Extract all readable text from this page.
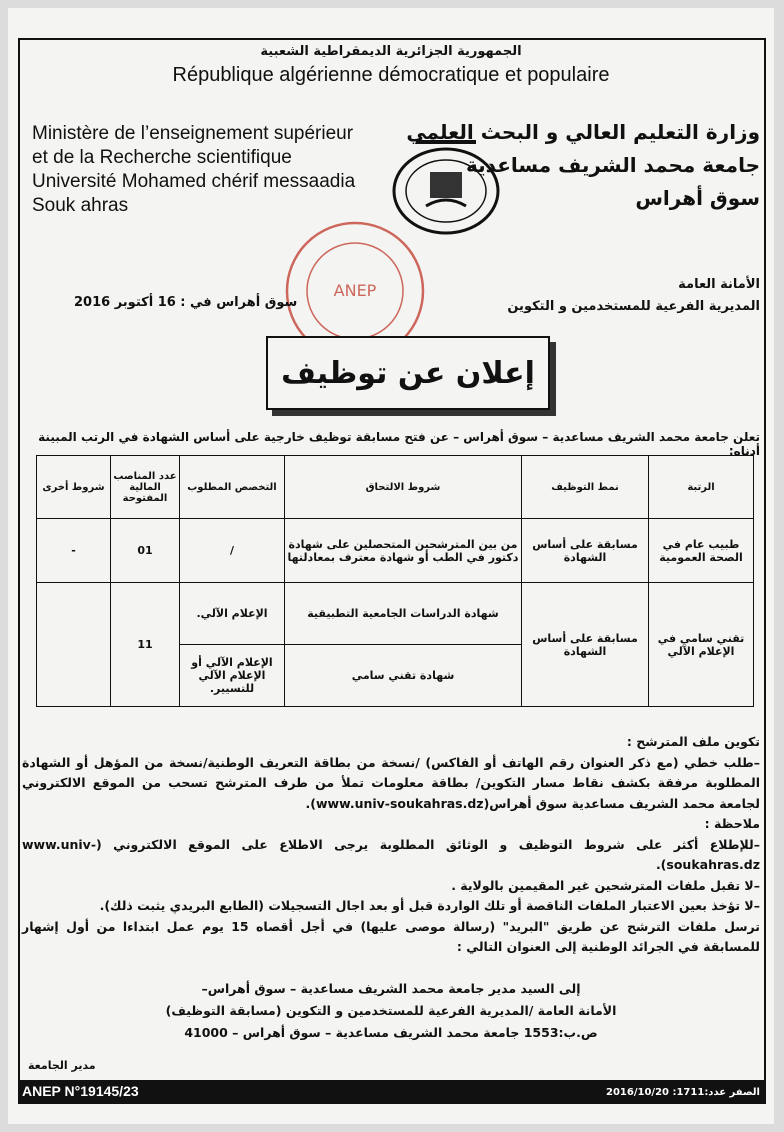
الجمهورية الجزائرية الديمقراطية الشعبية
République algérienne démocratique et populaire
Ministère de l’enseignement supérieur
et de la Recherche scientifique
Université Mohamed chérif messaadia
Souk ahras
وزارة التعليم العالي و البحث العلمي
جامعة محمد الشريف مساعدية
سوق أهراس
ANEP	الأمانة العامة
المديرية الفرعية للمستخدمين و التكوين
سوق أهراس في : 16 أكتوبر 2016
إعلان عن توظيف
تعلن جامعة محمد الشريف مساعدية – سوق أهراس – عن فتح مسابقة توظيف خارجية على أساس الشهادة في الرتب المبينة أدناه:
الرتبة	نمط التوظيف	شروط الالتحاق	التخصص المطلوب	عدد المناصب المالية المفتوحة	شروط أخرى
طبيب عام في الصحة العمومية	مسابقة على أساس الشهادة	من بين المترشحين المتحصلين على شهادة دكتور في الطب أو شهادة معترف بمعادلتها	/	01	-
تقني سامي في الإعلام الآلي	مسابقة على أساس الشهادة	شهادة الدراسات الجامعية التطبيقية	الإعلام الآلي.	11	
		شهادة تقني سامي	الإعلام الآلي أو الإعلام الآلي للتسيير.		

تكوين ملف المترشح :

–طلب خطي (مع ذكر العنوان رقم الهاتف أو الفاكس) /نسخة من بطاقة التعريف الوطنية/نسخة من المؤهل أو الشهادة المطلوبة مرفقة بكشف نقاط مسار التكوين/ بطاقة معلومات تملأ من طرف المترشح تسحب من الموقع الالكتروني لجامعة محمد الشريف مساعدية سوق أهراس(www.univ-soukahras.dz).

ملاحظة :

–للإطلاع أكثر على شروط التوظيف و الوثائق المطلوبة يرجى الاطلاع على الموقع الالكتروني (www.univ-soukahras.dz).

–لا تقبل ملفات المترشحين غير المقيمين بالولاية .

–لا تؤخذ بعين الاعتبار الملفات الناقصة أو تلك الواردة قبل أو بعد اجال التسجيلات (الطابع البريدي يثبت ذلك).

ترسل ملفات الترشح عن طريق "البريد" (رسالة موصى عليها) في أجل أقصاه 15 يوم عمل ابتداءا من أول إشهار للمسابقة في الجرائد الوطنية إلى العنوان التالي :

إلى السيد مدير جامعة محمد الشريف مساعدية – سوق أهراس–
الأمانة العامة /المديرية الفرعية للمستخدمين و التكوين (مسابقة التوظيف)
ص.ب:1553 جامعة محمد الشريف مساعدية – سوق أهراس – 41000
مدير الجامعة
ANEP N°19145/23	الصفر عدد:1711: 2016/10/20
